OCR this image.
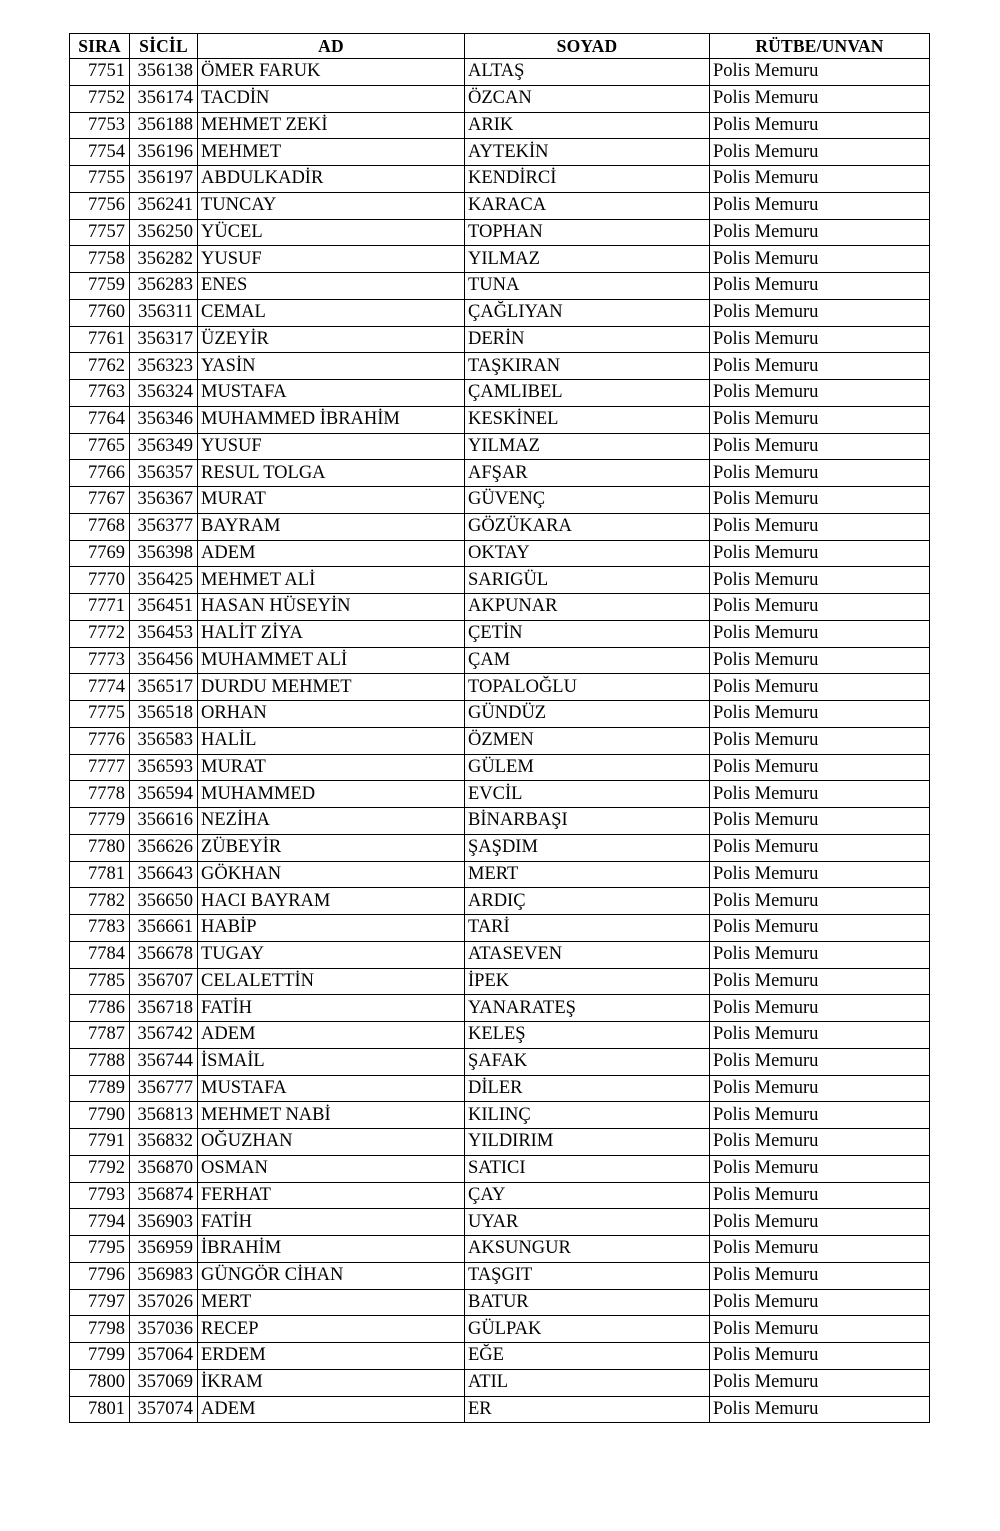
SIRA	SİCİL	AD	SOYAD	RÜTBE/UNVAN
7751	356138	ÖMER FARUK	ALTAŞ	Polis Memuru
7752	356174	TACDİN	ÖZCAN	Polis Memuru
7753	356188	MEHMET ZEKİ	ARIK	Polis Memuru
7754	356196	MEHMET	AYTEKİN	Polis Memuru
7755	356197	ABDULKADİR	KENDİRCİ	Polis Memuru
7756	356241	TUNCAY	KARACA	Polis Memuru
7757	356250	YÜCEL	TOPHAN	Polis Memuru
7758	356282	YUSUF	YILMAZ	Polis Memuru
7759	356283	ENES	TUNA	Polis Memuru
7760	356311	CEMAL	ÇAĞLIYAN	Polis Memuru
7761	356317	ÜZEYİR	DERİN	Polis Memuru
7762	356323	YASİN	TAŞKIRAN	Polis Memuru
7763	356324	MUSTAFA	ÇAMLIBEL	Polis Memuru
7764	356346	MUHAMMED İBRAHİM	KESKİNEL	Polis Memuru
7765	356349	YUSUF	YILMAZ	Polis Memuru
7766	356357	RESUL TOLGA	AFŞAR	Polis Memuru
7767	356367	MURAT	GÜVENÇ	Polis Memuru
7768	356377	BAYRAM	GÖZÜKARA	Polis Memuru
7769	356398	ADEM	OKTAY	Polis Memuru
7770	356425	MEHMET ALİ	SARIGÜL	Polis Memuru
7771	356451	HASAN HÜSEYİN	AKPUNAR	Polis Memuru
7772	356453	HALİT ZİYA	ÇETİN	Polis Memuru
7773	356456	MUHAMMET ALİ	ÇAM	Polis Memuru
7774	356517	DURDU MEHMET	TOPALOĞLU	Polis Memuru
7775	356518	ORHAN	GÜNDÜZ	Polis Memuru
7776	356583	HALİL	ÖZMEN	Polis Memuru
7777	356593	MURAT	GÜLEM	Polis Memuru
7778	356594	MUHAMMED	EVCİL	Polis Memuru
7779	356616	NEZİHA	BİNARBAŞI	Polis Memuru
7780	356626	ZÜBEYİR	ŞAŞDIM	Polis Memuru
7781	356643	GÖKHAN	MERT	Polis Memuru
7782	356650	HACI BAYRAM	ARDIÇ	Polis Memuru
7783	356661	HABİP	TARİ	Polis Memuru
7784	356678	TUGAY	ATASEVEN	Polis Memuru
7785	356707	CELALETTİN	İPEK	Polis Memuru
7786	356718	FATİH	YANARATEŞ	Polis Memuru
7787	356742	ADEM	KELEŞ	Polis Memuru
7788	356744	İSMAİL	ŞAFAK	Polis Memuru
7789	356777	MUSTAFA	DİLER	Polis Memuru
7790	356813	MEHMET NABİ	KILINÇ	Polis Memuru
7791	356832	OĞUZHAN	YILDIRIM	Polis Memuru
7792	356870	OSMAN	SATICI	Polis Memuru
7793	356874	FERHAT	ÇAY	Polis Memuru
7794	356903	FATİH	UYAR	Polis Memuru
7795	356959	İBRAHİM	AKSUNGUR	Polis Memuru
7796	356983	GÜNGÖR CİHAN	TAŞGIT	Polis Memuru
7797	357026	MERT	BATUR	Polis Memuru
7798	357036	RECEP	GÜLPAK	Polis Memuru
7799	357064	ERDEM	EĞE	Polis Memuru
7800	357069	İKRAM	ATIL	Polis Memuru
7801	357074	ADEM	ER	Polis Memuru
